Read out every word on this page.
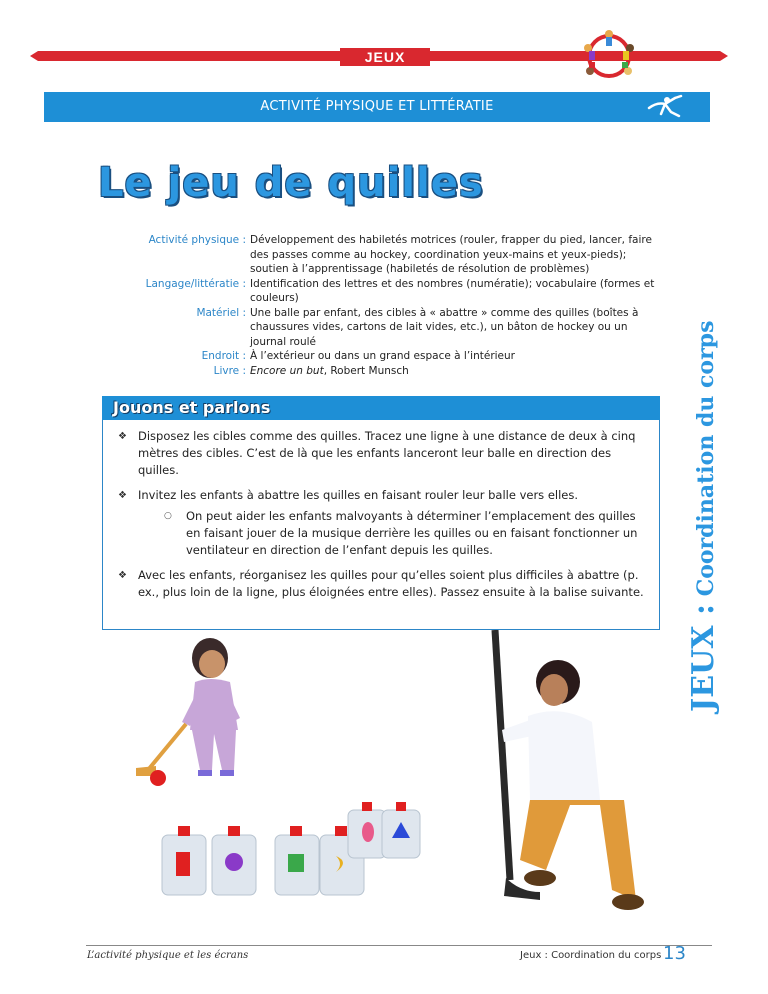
JEUX
ACTIVITÉ PHYSIQUE ET LITTÉRATIE
Le jeu de quilles
Activité physique : Développement des habiletés motrices (rouler, frapper du pied, lancer, faire des passes comme au hockey, coordination yeux-mains et yeux-pieds); soutien à l’apprentissage (habiletés de résolution de problèmes)
Langage/littératie : Identification des lettres et des nombres (numératie); vocabulaire (formes et couleurs)
Matériel : Une balle par enfant, des cibles à « abattre » comme des quilles (boîtes à chaussures vides, cartons de lait vides, etc.), un bâton de hockey ou un journal roulé
Endroit : À l’extérieur ou dans un grand espace à l’intérieur
Livre : Encore un but, Robert Munsch
JEUX : Coordination du corps
Jouons et parlons
❖ Disposez les cibles comme des quilles. Tracez une ligne à une distance de deux à cinq mètres des cibles. C’est de là que les enfants lanceront leur balle en direction des quilles.
❖ Invitez les enfants à abattre les quilles en faisant rouler leur balle vers elles.
○ On peut aider les enfants malvoyants à déterminer l’emplacement des quilles en faisant jouer de la musique derrière les quilles ou en faisant fonctionner un ventilateur en direction de l’enfant depuis les quilles.
❖ Avec les enfants, réorganisez les quilles pour qu’elles soient plus difficiles à abattre (p. ex., plus loin de la ligne, plus éloignées entre elles). Passez ensuite à la balise suivante.
L’activité physique et les écrans	Jeux : Coordination du corps 13
